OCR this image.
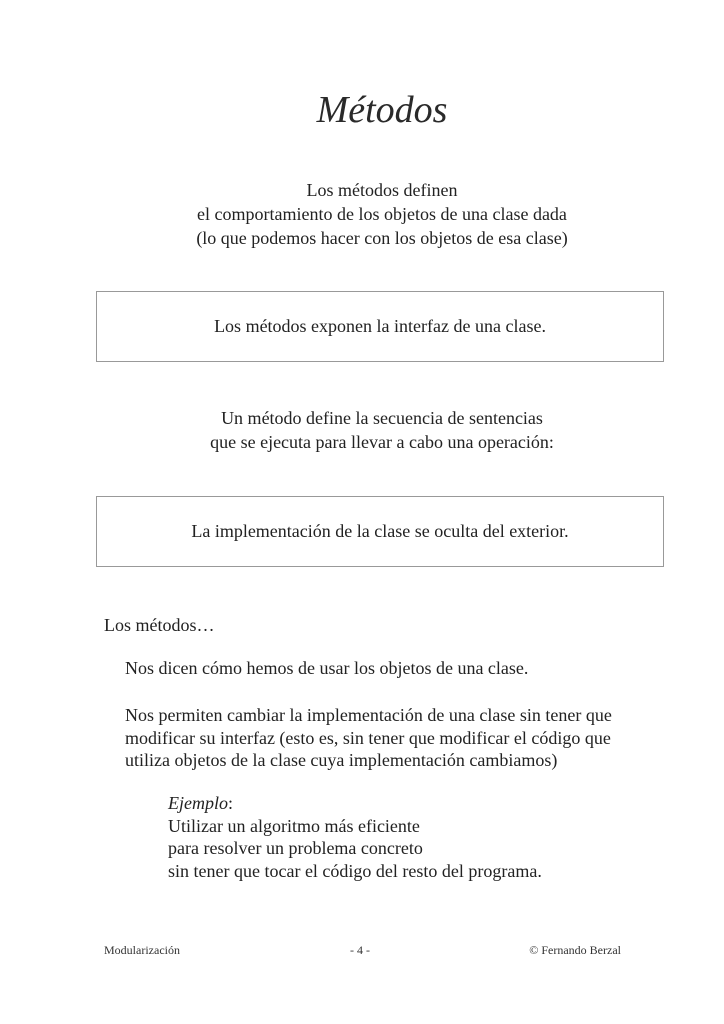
Métodos
Los métodos definen
el comportamiento de los objetos de una clase dada
(lo que podemos hacer con los objetos de esa clase)
Los métodos exponen la interfaz de una clase.
Un método define la secuencia de sentencias
que se ejecuta para llevar a cabo una operación:
La implementación de la clase se oculta del exterior.
Los métodos…
Nos dicen cómo hemos de usar los objetos de una clase.
Nos permiten cambiar la implementación de una clase sin tener que
modificar su interfaz (esto es, sin tener que modificar el código que
utiliza objetos de la clase cuya implementación cambiamos)
Ejemplo:
Utilizar un algoritmo más eficiente
para resolver un problema concreto
sin tener que tocar el código del resto del programa.
Modularización	- 4 -	© Fernando Berzal
